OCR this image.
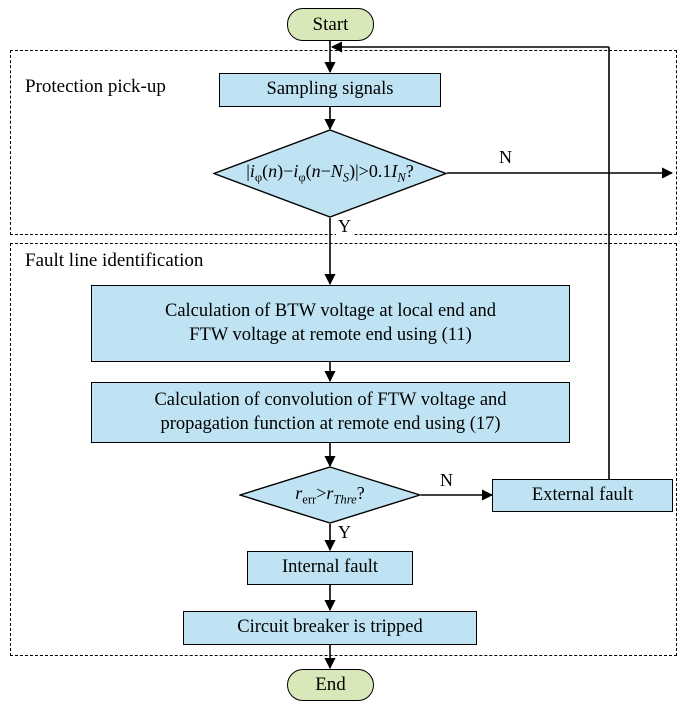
Protection pick-up
Fault line identification
Start
Sampling signals
$|i_\varphi(n)-i_\varphi(n-N_S)|>0.1I_N$?
N
Y
Calculation of BTW voltage at local end and
FTW voltage at remote end using (11)
Calculation of convolution of FTW voltage and
propagation function at remote end using (17)
$r_{err}>r_{Thre}$?
N
Y
External fault
Internal fault
Circuit breaker is tripped
End
